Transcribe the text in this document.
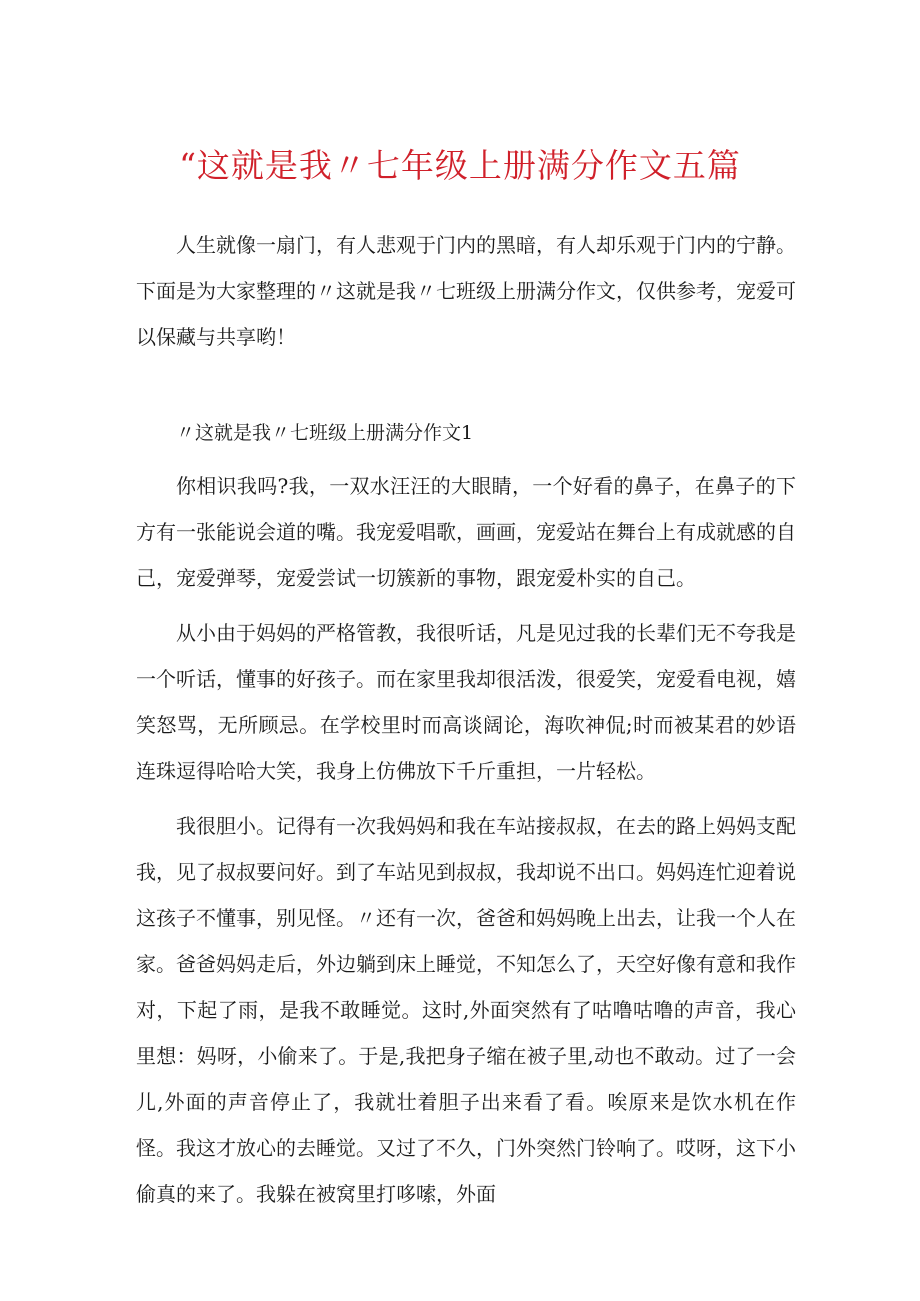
“这就是我〃七年级上册满分作文五篇

人生就像一扇门，有人悲观于门内的黑暗，有人却乐观于门内的宁静。下面是为大家整理的〃这就是我〃七班级上册满分作文，仅供参考，宠爱可以保藏与共享哟！

〃这就是我〃七班级上册满分作文1

你相识我吗?我，一双水汪汪的大眼睛，一个好看的鼻子，在鼻子的下方有一张能说会道的嘴。我宠爱唱歌，画画，宠爱站在舞台上有成就感的自己，宠爱弹琴，宠爱尝试一切簇新的事物，跟宠爱朴实的自己。

从小由于妈妈的严格管教，我很听话，凡是见过我的长辈们无不夸我是一个听话，懂事的好孩子。而在家里我却很活泼，很爱笑，宠爱看电视，嬉笑怒骂，无所顾忌。在学校里时而高谈阔论，海吹神侃;时而被某君的妙语连珠逗得哈哈大笑，我身上仿佛放下千斤重担，一片轻松。

我很胆小。记得有一次我妈妈和我在车站接叔叔，在去的路上妈妈支配我，见了叔叔要问好。到了车站见到叔叔，我却说不出口。妈妈连忙迎着说这孩子不懂事，别见怪。〃还有一次，爸爸和妈妈晚上出去，让我一个人在家。爸爸妈妈走后，外边躺到床上睡觉，不知怎么了，天空好像有意和我作对，下起了雨，是我不敢睡觉。这时,外面突然有了咕噜咕噜的声音，我心里想：妈呀，小偷来了。于是,我把身子缩在被子里,动也不敢动。过了一会儿,外面的声音停止了，我就壮着胆子出来看了看。唉原来是饮水机在作怪。我这才放心的去睡觉。又过了不久，门外突然门铃响了。哎呀，这下小偷真的来了。我躲在被窝里打哆嗦，外面
